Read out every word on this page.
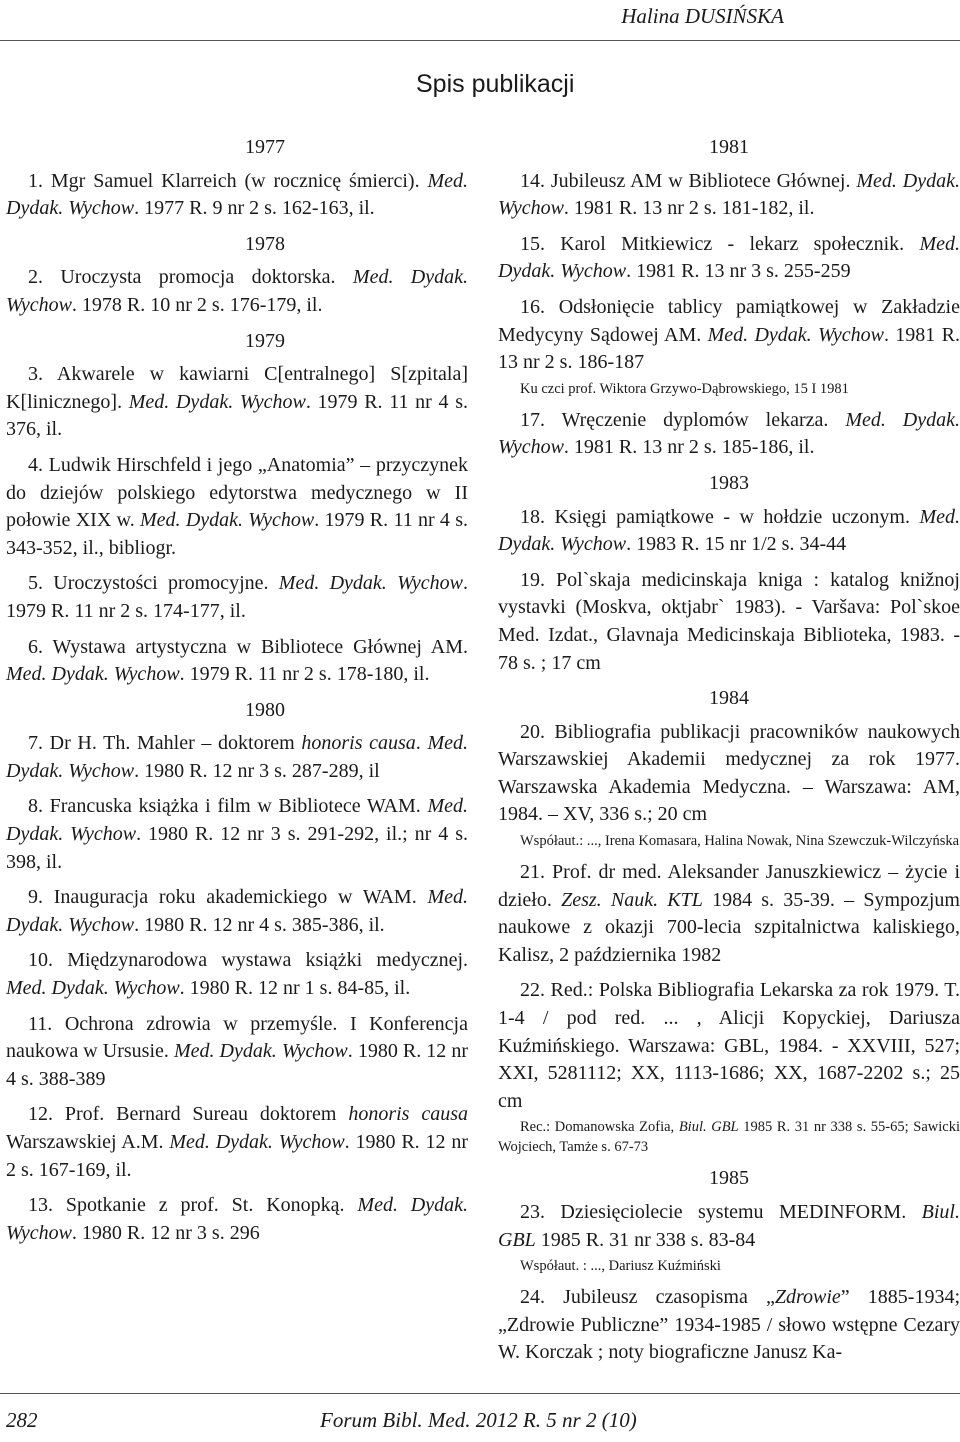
Halina DUSIŃSKA
Spis publikacji
1977
1. Mgr Samuel Klarreich (w rocznicę śmierci). Med. Dydak. Wychow. 1977 R. 9 nr 2 s. 162-163, il.
1978
2. Uroczysta promocja doktorska. Med. Dydak. Wychow. 1978 R. 10 nr 2 s. 176-179, il.
1979
3. Akwarele w kawiarni C[entralnego] S[zpitala] K[linicznego]. Med. Dydak. Wychow. 1979 R. 11 nr 4 s. 376, il.
4. Ludwik Hirschfeld i jego „Anatomia” – przyczynek do dziejów polskiego edytorstwa medycznego w II połowie XIX w. Med. Dydak. Wychow. 1979 R. 11 nr 4 s. 343-352, il., bibliogr.
5. Uroczystości promocyjne. Med. Dydak. Wychow. 1979 R. 11 nr 2 s. 174-177, il.
6. Wystawa artystyczna w Bibliotece Głównej AM. Med. Dydak. Wychow. 1979 R. 11 nr 2 s. 178-180, il.
1980
7. Dr H. Th. Mahler – doktorem honoris causa. Med. Dydak. Wychow. 1980 R. 12 nr 3 s. 287-289, il
8. Francuska książka i film w Bibliotece WAM. Med. Dydak. Wychow. 1980 R. 12 nr 3 s. 291-292, il.; nr 4 s. 398, il.
9. Inauguracja roku akademickiego w WAM. Med. Dydak. Wychow. 1980 R. 12 nr 4 s. 385-386, il.
10. Międzynarodowa wystawa książki medycznej. Med. Dydak. Wychow. 1980 R. 12 nr 1 s. 84-85, il.
11. Ochrona zdrowia w przemyśle. I Konferencja naukowa w Ursusie. Med. Dydak. Wychow. 1980 R. 12 nr 4 s. 388-389
12. Prof. Bernard Sureau doktorem honoris causa Warszawskiej A.M. Med. Dydak. Wychow. 1980 R. 12 nr 2 s. 167-169, il.
13. Spotkanie z prof. St. Konopką. Med. Dydak. Wychow. 1980 R. 12 nr 3 s. 296
1981
14. Jubileusz AM w Bibliotece Głównej. Med. Dydak. Wychow. 1981 R. 13 nr 2 s. 181-182, il.
15. Karol Mitkiewicz - lekarz społecznik. Med. Dydak. Wychow. 1981 R. 13 nr 3 s. 255-259
16. Odsłonięcie tablicy pamiątkowej w Zakładzie Medycyny Sądowej AM. Med. Dydak. Wychow. 1981 R. 13 nr 2 s. 186-187
Ku czci prof. Wiktora Grzywo-Dąbrowskiego, 15 I 1981
17. Wręczenie dyplomów lekarza. Med. Dydak. Wychow. 1981 R. 13 nr 2 s. 185-186, il.
1983
18. Księgi pamiątkowe - w hołdzie uczonym. Med. Dydak. Wychow. 1983 R. 15 nr 1/2 s. 34-44
19. Pol`skaja medicinskaja kniga : katalog knižnoj vystavki (Moskva, oktjabr` 1983). - Varšava: Pol`skoe Med. Izdat., Glavnaja Medicinskaja Biblioteka, 1983. - 78 s. ; 17 cm
1984
20. Bibliografia publikacji pracowników naukowych Warszawskiej Akademii medycznej za rok 1977. Warszawska Akademia Medyczna. – Warszawa: AM, 1984. – XV, 336 s.; 20 cm
Współaut.: ..., Irena Komasara, Halina Nowak, Nina Szewczuk-Wilczyńska
21. Prof. dr med. Aleksander Januszkiewicz – życie i dzieło. Zesz. Nauk. KTL 1984 s. 35-39. – Sympozjum naukowe z okazji 700-lecia szpitalnictwa kaliskiego, Kalisz, 2 października 1982
22. Red.: Polska Bibliografia Lekarska za rok 1979. T. 1-4 / pod red. ... , Alicji Kopyckiej, Dariusza Kuźmińskiego. Warszawa: GBL, 1984. - XXVIII, 527; XXI, 5281112; XX, 1113-1686; XX, 1687-2202 s.; 25 cm
Rec.: Domanowska Zofia, Biul. GBL 1985 R. 31 nr 338 s. 55-65; Sawicki Wojciech, Tamże s. 67-73
1985
23. Dziesięciolecie systemu MEDINFORM. Biul. GBL 1985 R. 31 nr 338 s. 83-84
Współaut. : ..., Dariusz Kuźmiński
24. Jubileusz czasopisma „Zdrowie” 1885-1934; „Zdrowie Publiczne” 1934-1985 / słowo wstępne Cezary W. Korczak ; noty biograficzne Janusz Ka-
282	Forum Bibl. Med. 2012 R. 5 nr 2 (10)
